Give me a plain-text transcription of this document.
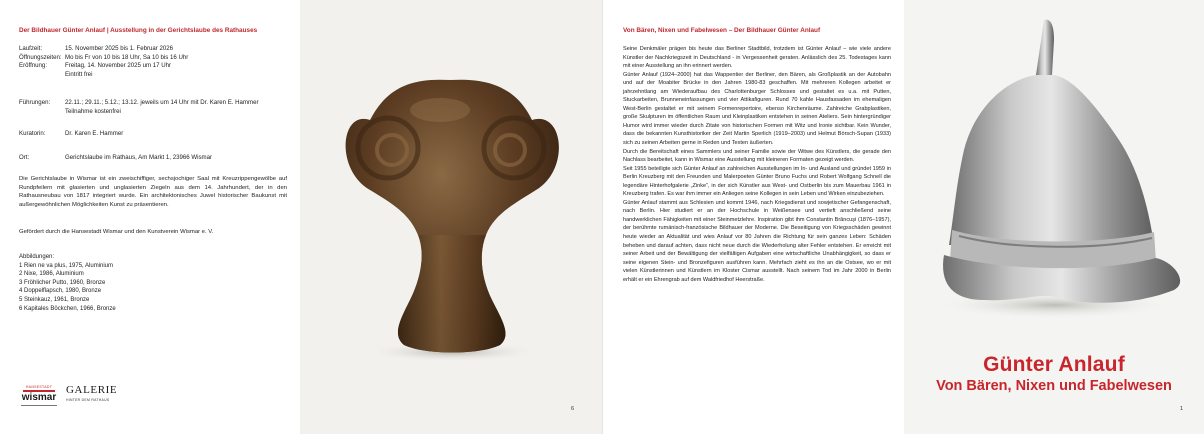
Der Bildhauer Günter Anlauf | Ausstellung in der Gerichtslaube des Rathauses
Laufzeit:	15. November 2025 bis 1. Februar 2026
Öffnungszeiten: Mo bis Fr von 10 bis 18 Uhr, Sa 10 bis 16 Uhr
Eröffnung:	Freitag, 14. November 2025 um 17 Uhr
Eintritt frei
Führungen: 22.11.; 29.11.; 5.12.; 13.12. jeweils um 14 Uhr mit Dr. Karen E. Hammer
Teilnahme kostenfrei
Kuratorin:	Dr. Karen E. Hammer
Ort:	Gerichtslaube im Rathaus, Am Markt 1, 23966 Wismar
Die Gerichtslaube in Wismar ist ein zweischiffiger, sechsjochiger Saal mit Kreuzrippengewölbe auf Rundpfeilern mit glasierten und unglasierten Ziegeln aus dem 14. Jahrhundert, der in den Rathausneubau von 1817 integriert wurde. Ein architektonisches Juwel historischer Baukunst mit außergewöhnlichen Möglichkeiten Kunst zu präsentieren.
Gefördert durch die Hansestadt Wismar und den Kunstverein Wismar e. V.
Abbildungen:
1 Rien ne va plus, 1975, Aluminium
2 Nixe, 1986, Aluminium
3 Fröhlicher Putto, 1960, Bronze
4 Doppelflapsch, 1980, Bronze
5 Steinkauz, 1961, Bronze
6 Kapitales Böckchen, 1966, Bronze
HANSESTADT
wismar
GALERIE
HINTER DEM RATHAUS
6
Von Bären, Nixen und Fabelwesen – Der Bildhauer Günter Anlauf

Seine Denkmäler prägen bis heute das Berliner Stadtbild, trotzdem ist Günter Anlauf – wie viele andere Künstler der Nachkriegszeit in Deutschland - in Vergessenheit geraten. Anlässlich des 25. Todestages kann mit einer Ausstellung an ihn erinnert werden.

Günter Anlauf (1924–2000) hat das Wappentier der Berliner, den Bären, als Großplastik an der Autobahn und auf der Moabiter Brücke in den Jahren 1980-83 geschaffen. Mit mehreren Kollegen arbeitet er jahrzehntlang am Wiederaufbau des Charlottenburger Schlosses und gestaltet es u.a. mit Putten, Stuckarbeiten, Brunneneinfassungen und vier Attikafiguren. Rund 70 kahle Hausfassaden im ehemaligen West-Berlin gestaltet er mit seinem Formenrepertoire, ebenso Kirchenräume. Zahlreiche Grabplastiken, große Skulpturen im öffentlichen Raum und Kleinplastiken entstehen in seinen Ateliers. Sein hintergründiger Humor wird immer wieder durch Zitate von historischen Formen mit Witz und Ironie sichtbar. Kein Wunder, dass die bekannten Kunsthistoriker der Zeit Martin Sperlich (1919–2003) und Helmut Börsch-Supan (1933) sich zu seinen Arbeiten gerne in Reden und Texten äußerten.

Durch die Bereitschaft eines Sammlers und seiner Familie sowie der Witwe des Künstlers, die gerade den Nachlass bearbeitet, kann in Wismar eine Ausstellung mit kleineren Formaten gezeigt werden.

Seit 1955 beteiligte sich Günter Anlauf an zahlreichen Ausstellungen im In- und Ausland und gründet 1959 in Berlin Kreuzberg mit den Freunden und Malerpoeten Günter Bruno Fuchs und Robert Wolfgang Schnell die legendäre Hinterhofgalerie „Zinke“, in der sich Künstler aus West- und Ostberlin bis zum Mauerbau 1961 in Kreuzberg trafen. Es war ihm immer ein Anliegen seine Kollegen in sein Leben und Wirken einzubeziehen.

Günter Anlauf stammt aus Schlesien und kommt 1946, nach Kriegsdienst und sowjetischer Gefangenschaft, nach Berlin. Hier studiert er an der Hochschule in Weißensee und vertieft anschließend seine handwerklichen Fähigkeiten mit einer Steinmetzlehre. Inspiration gibt ihm Constantin Brâncuși (1876–1957), der berühmte rumänisch-französische Bildhauer der Moderne. Die Beseitigung von Kriegsschäden gewinnt heute wieder an Aktualität und wies Anlauf vor 80 Jahren die Richtung für sein ganzes Leben: Schäden beheben und darauf achten, dass nicht neue durch die Wiederholung alter Fehler entstehen. Er erreicht mit seiner Arbeit und der Bewältigung der vielfältigen Aufgaben eine wirtschaftliche Unabhängigkeit, so dass er seine eigenen Stein- und Bronzefiguren ausführen kann. Mehrfach zieht es ihn an die Ostsee, wo er mit vielen Künstlerinnen und Künstlern im Kloster Cismar ausstellt. Nach seinem Tod im Jahr 2000 in Berlin erhält er ein Ehrengrab auf dem Waldfriedhof Heerstraße.

Günter Anlauf
Von Bären, Nixen und Fabelwesen
1
